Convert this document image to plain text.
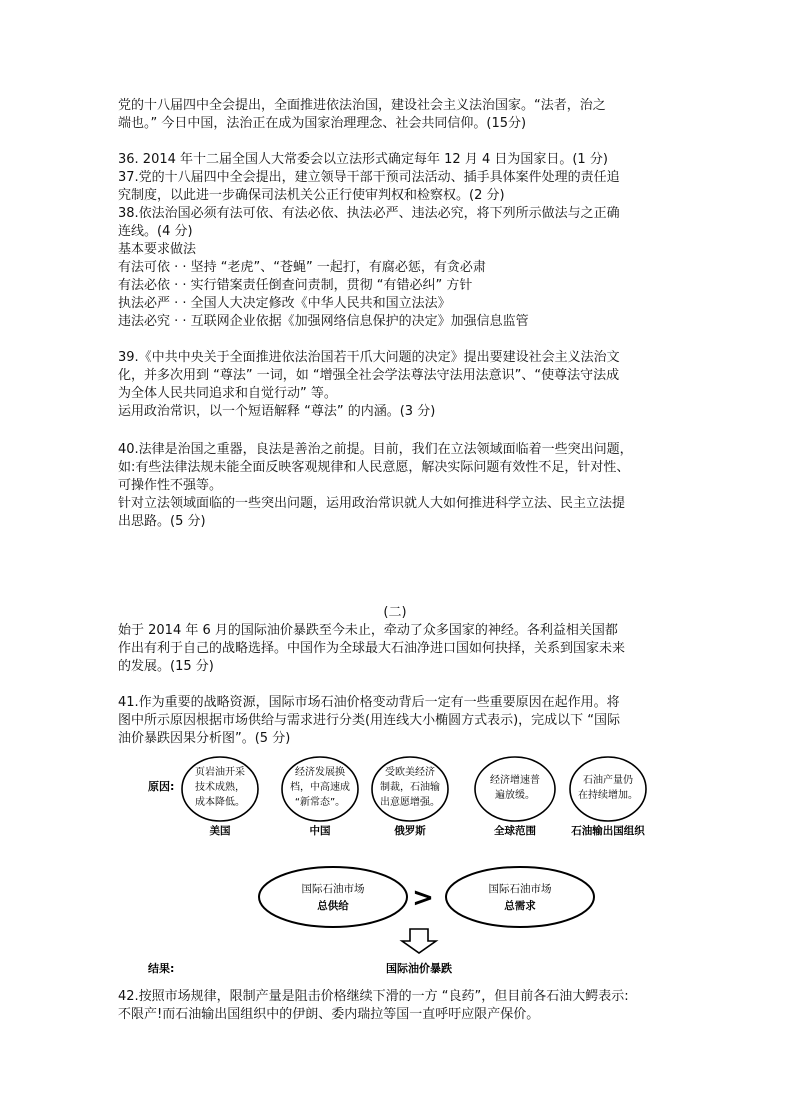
党的十八届四中全会提出，全面推进依法治国，建设社会主义法治国家。“法者，治之
端也。” 今日中国，法治正在成为国家治理理念、社会共同信仰。(15分)
36. 2014 年十二届全国人大常委会以立法形式确定每年 12 月 4 日为国家日。(1 分)
37.党的十八届四中全会提出，建立领导干部干预司法活动、插手具体案件处理的责任追
究制度，以此进一步确保司法机关公正行使审判权和检察权。(2 分)
38.依法治国必须有法可依、有法必依、执法必严、违法必究，将下列所示做法与之正确
连线。(4 分)
基本要求做法
有法可依 · · 坚持 “老虎”、“苍蝇” 一起打，有腐必惩，有贪必肃
有法必依 · · 实行错案责任倒查问责制，贯彻 “有错必纠” 方针
执法必严 · · 全国人大决定修改《中华人民共和国立法法》
违法必究 · · 互联网企业依据《加强网络信息保护的决定》加强信息监管
39.《中共中央关于全面推进依法治国若干爪大问题的决定》提出要建设社会主义法治文
化，并多次用到 “尊法” 一词，如 “增强全社会学法尊法守法用法意识”、“使尊法守法成
为全体人民共同追求和自觉行动” 等。
运用政治常识，以一个短语解释 “尊法” 的内涵。(3 分)
40.法律是治国之重器，良法是善治之前提。目前，我们在立法领域面临着一些突出问题，
如:有些法律法规未能全面反映客观规律和人民意愿，解决实际问题有效性不足，针对性、
可操作性不强等。
针对立法领域面临的一些突出问题，运用政治常识就人大如何推进科学立法、民主立法提
出思路。(5 分)
(二)
始于 2014 年 6 月的国际油价暴跌至今未止，牵动了众多国家的神经。各利益相关国都
作出有利于自己的战略选择。中国作为全球最大石油净进口国如何抉择，关系到国家未来
的发展。(15 分)
41.作为重要的战略资源，国际市场石油价格变动背后一定有一些重要原因在起作用。将
图中所示原因根据市场供给与需求进行分类(用连线大小椭圆方式表示)，完成以下 “国际
油价暴跌因果分析图”。(5 分)
原因:
页岩油开采
技术成熟，
成本降低。
美国
经济发展换
档，中高速成
“新常态”。
中国
受欧美经济
制裁，石油输
出意愿增强。
俄罗斯
经济增速普
遍放缓。
全球范围
石油产量仍
在持续增加。
石油输出国组织
国际石油市场
总供给 >	国际石油市场
总需求
结果:	国际油价暴跌
42.按照市场规律，限制产量是阻击价格继续下滑的一方 “良药”，但目前各石油大鳄表示:
不限产!而石油输出国组织中的伊朗、委内瑞拉等国一直呼吁应限产保价。
